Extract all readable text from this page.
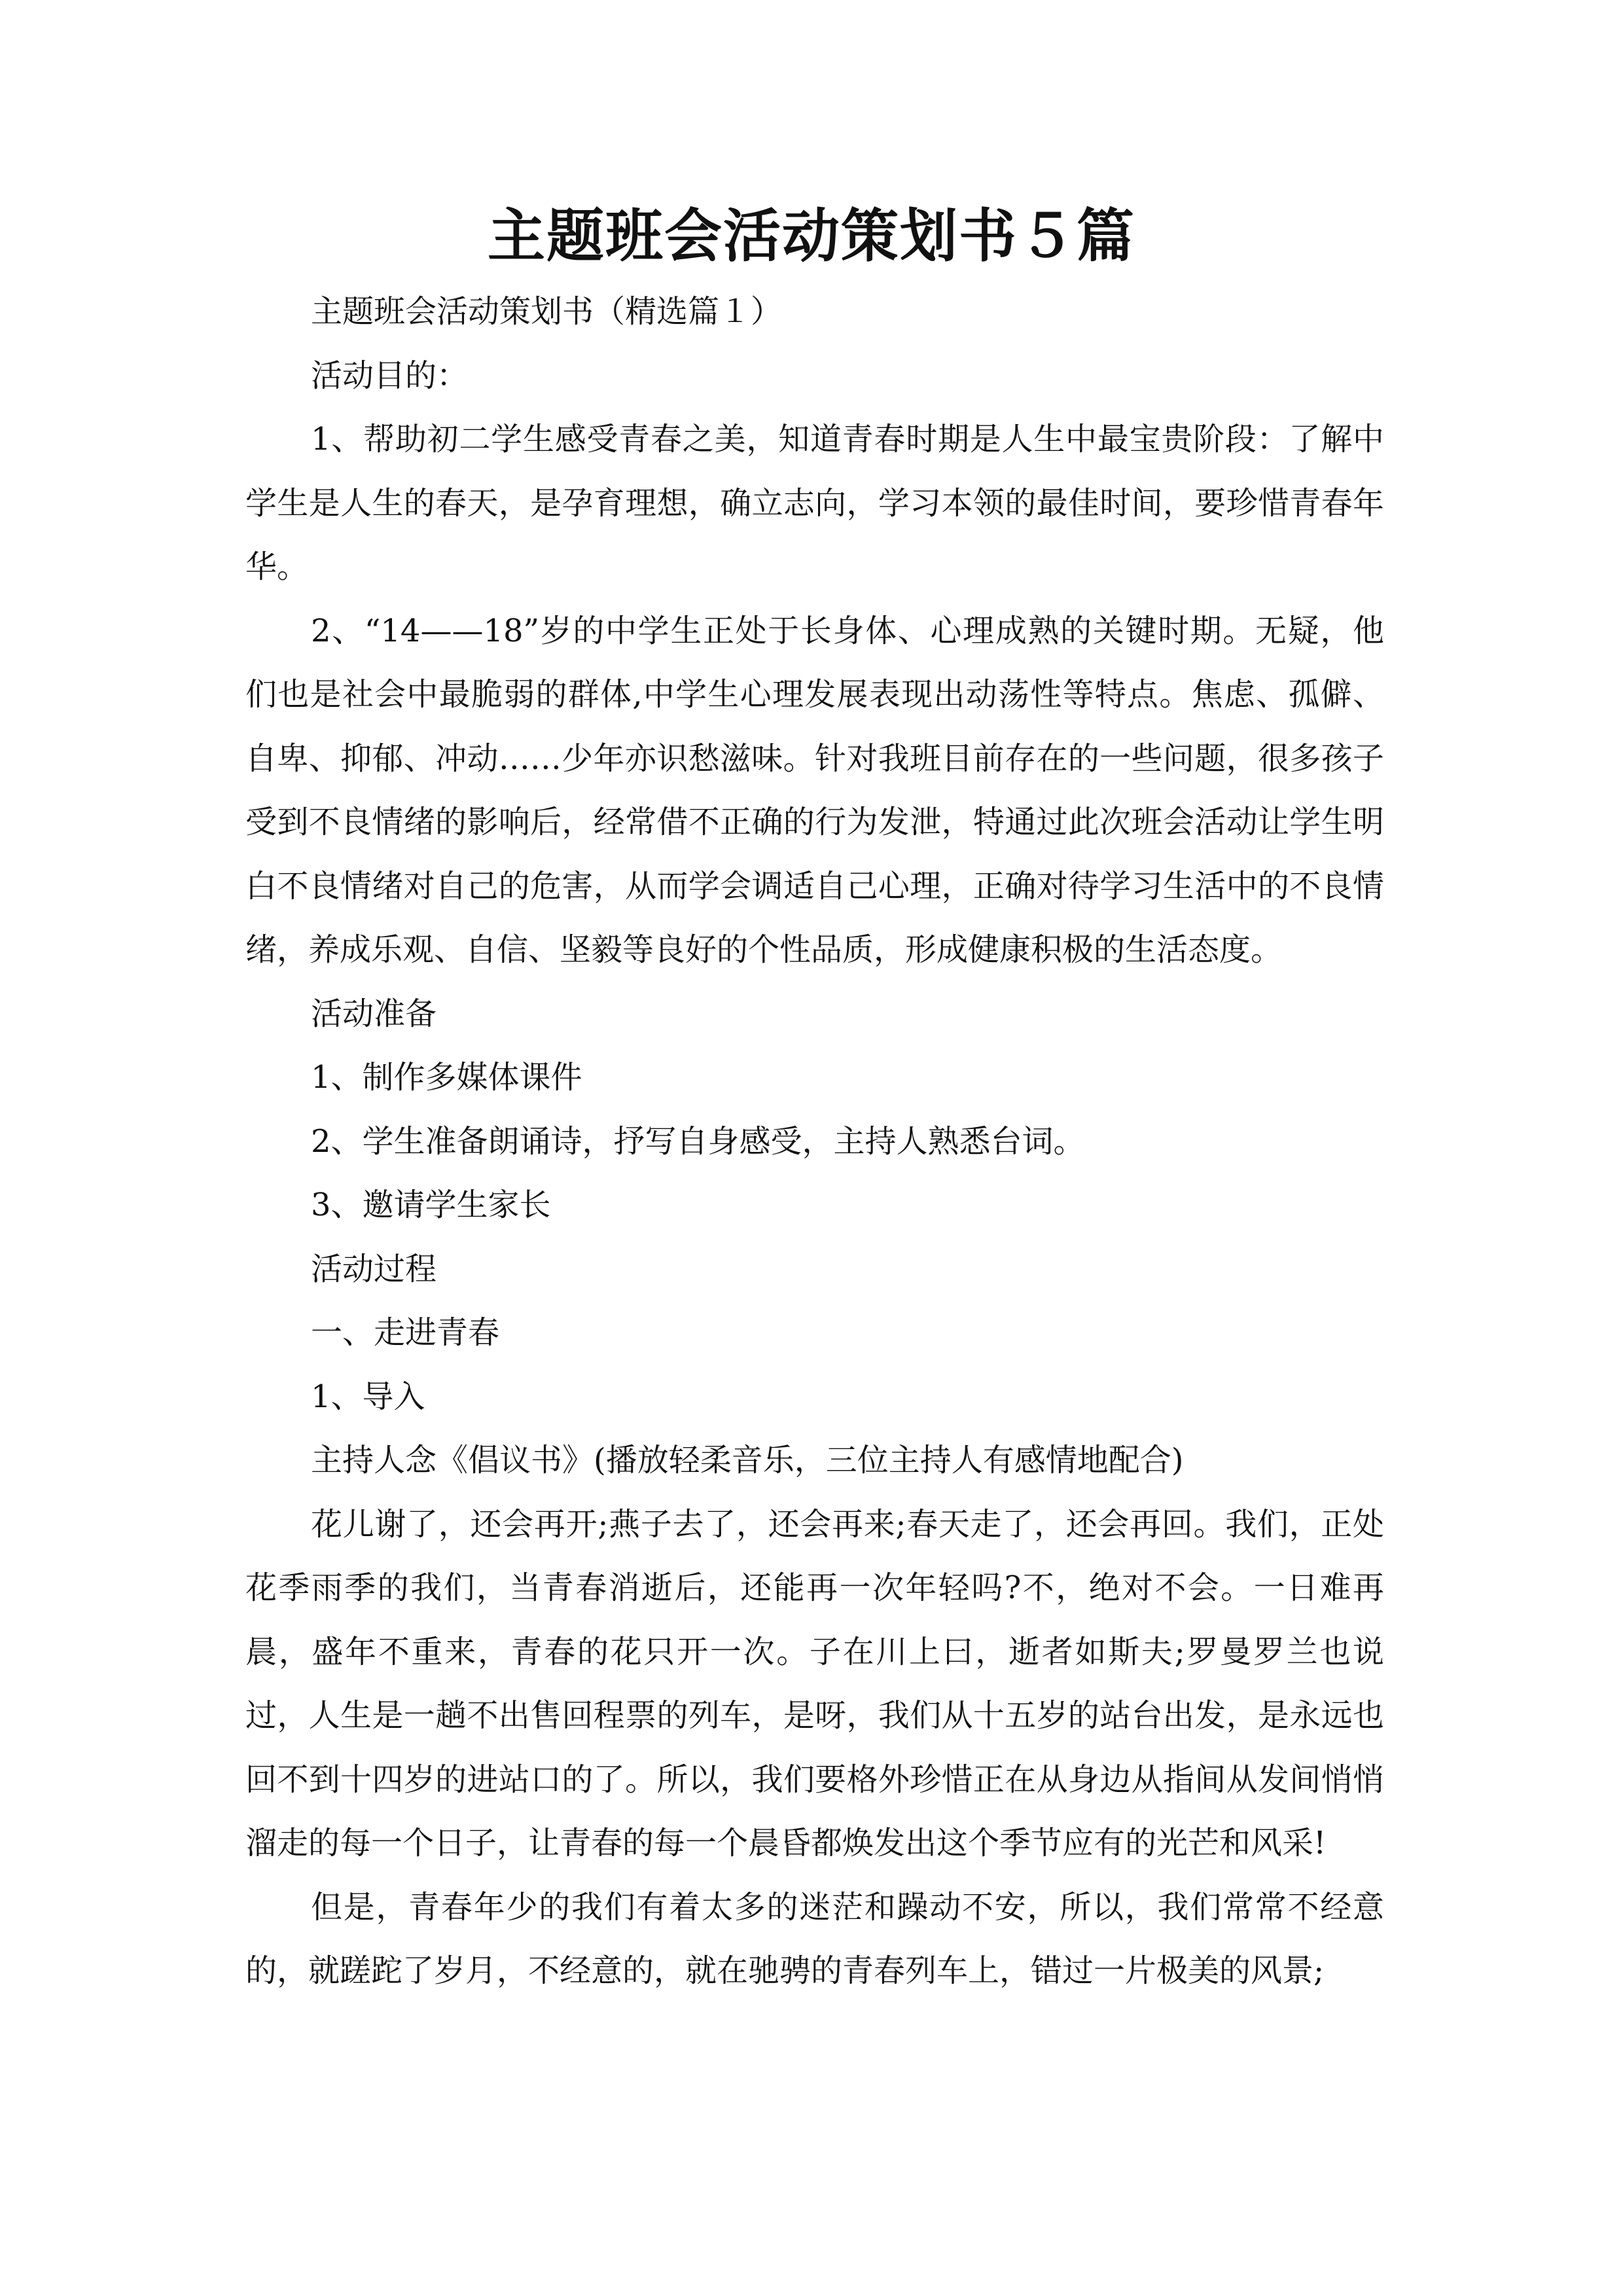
主题班会活动策划书５篇

主题班会活动策划书（精选篇１）

活动目的：

1、帮助初二学生感受青春之美，知道青春时期是人生中最宝贵阶段：了解中学生是人生的春天，是孕育理想，确立志向，学习本领的最佳时间，要珍惜青春年华。

2、“14——18”岁的中学生正处于长身体、心理成熟的关键时期。无疑，他们也是社会中最脆弱的群体,中学生心理发展表现出动荡性等特点。焦虑、孤僻、自卑、抑郁、冲动……少年亦识愁滋味。针对我班目前存在的一些问题，很多孩子受到不良情绪的影响后，经常借不正确的行为发泄，特通过此次班会活动让学生明白不良情绪对自己的危害，从而学会调适自己心理，正确对待学习生活中的不良情绪，养成乐观、自信、坚毅等良好的个性品质，形成健康积极的生活态度。

活动准备

1、制作多媒体课件

2、学生准备朗诵诗，抒写自身感受，主持人熟悉台词。

3、邀请学生家长

活动过程

一、走进青春

1、导入

主持人念《倡议书》(播放轻柔音乐，三位主持人有感情地配合)

花儿谢了，还会再开;燕子去了，还会再来;春天走了，还会再回。我们，正处花季雨季的我们，当青春消逝后，还能再一次年轻吗?不，绝对不会。一日难再晨，盛年不重来，青春的花只开一次。子在川上曰，逝者如斯夫;罗曼罗兰也说过，人生是一趟不出售回程票的列车，是呀，我们从十五岁的站台出发，是永远也回不到十四岁的进站口的了。所以，我们要格外珍惜正在从身边从指间从发间悄悄溜走的每一个日子，让青春的每一个晨昏都焕发出这个季节应有的光芒和风采!

但是，青春年少的我们有着太多的迷茫和躁动不安，所以，我们常常不经意的，就蹉跎了岁月，不经意的，就在驰骋的青春列车上，错过一片极美的风景;
